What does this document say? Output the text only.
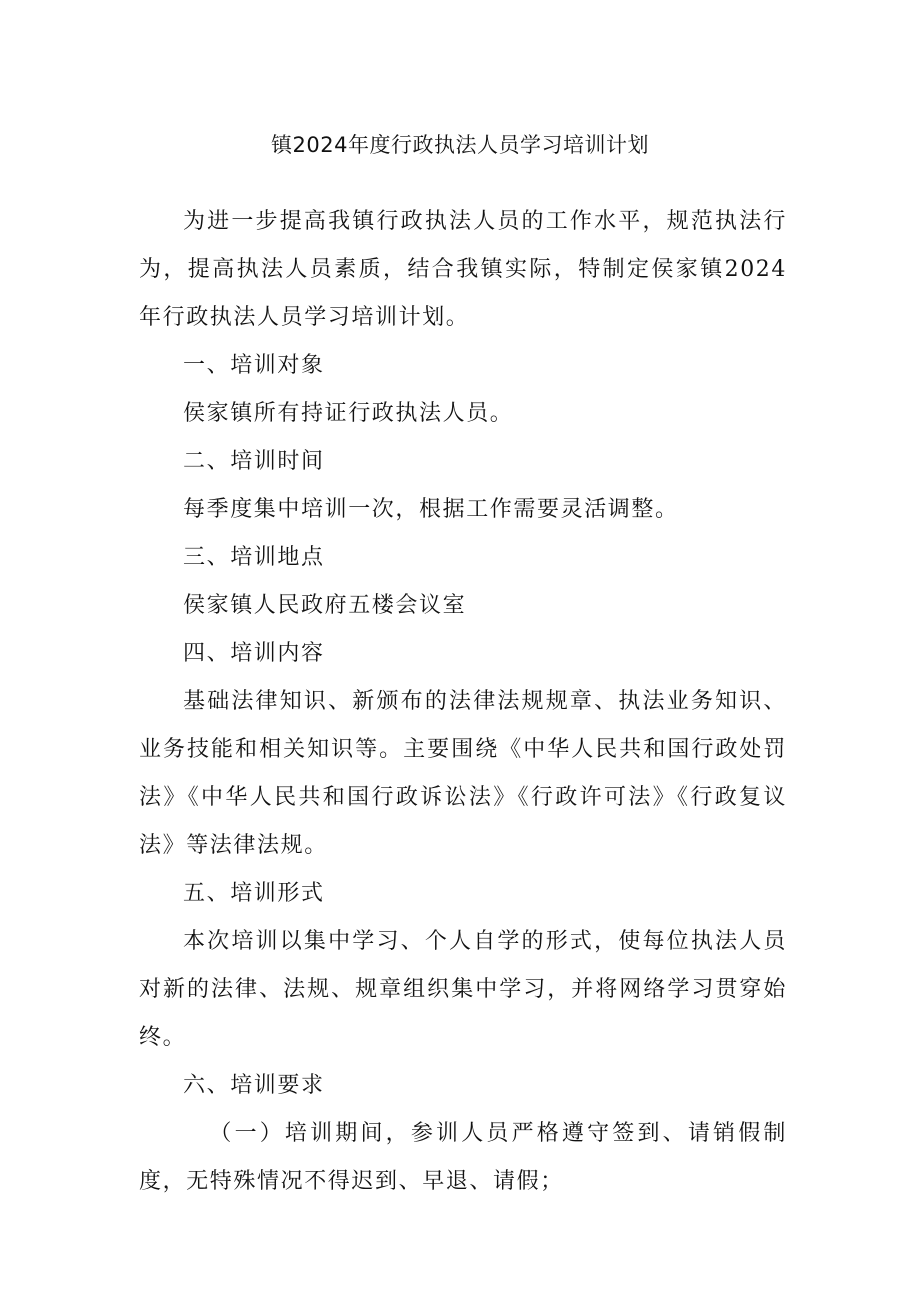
镇2024年度行政执法人员学习培训计划

为进一步提高我镇行政执法人员的工作水平，规范执法行为，提高执法人员素质，结合我镇实际，特制定侯家镇2024年行政执法人员学习培训计划。

一、培训对象

侯家镇所有持证行政执法人员。

二、培训时间

每季度集中培训一次，根据工作需要灵活调整。

三、培训地点

侯家镇人民政府五楼会议室

四、培训内容

基础法律知识、新颁布的法律法规规章、执法业务知识、业务技能和相关知识等。主要围绕《中华人民共和国行政处罚法》《中华人民共和国行政诉讼法》《行政许可法》《行政复议法》等法律法规。

五、培训形式

本次培训以集中学习、个人自学的形式，使每位执法人员对新的法律、法规、规章组织集中学习，并将网络学习贯穿始终。

六、培训要求

（一）培训期间，参训人员严格遵守签到、请销假制度，无特殊情况不得迟到、早退、请假；
